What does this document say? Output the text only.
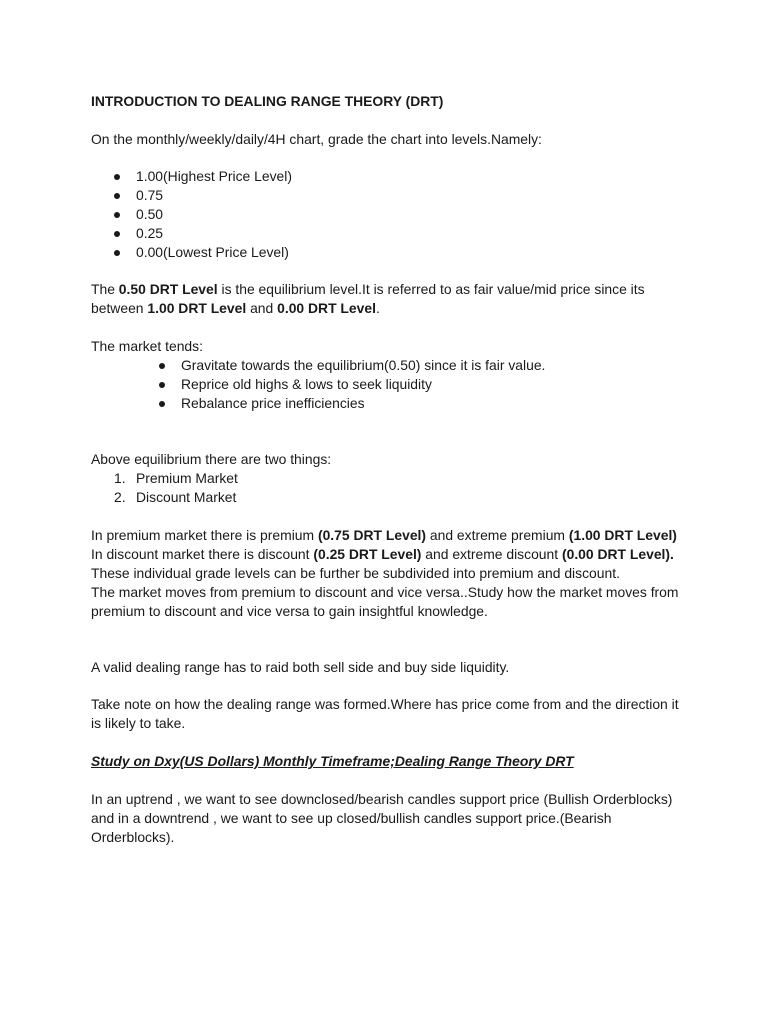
INTRODUCTION TO DEALING RANGE THEORY (DRT)
On the monthly/weekly/daily/4H chart, grade the chart into levels.Namely:
1.00(Highest Price Level)
0.75
0.50
0.25
0.00(Lowest Price Level)
The 0.50 DRT Level is the equilibrium level.It is referred to as fair value/mid price since its
between 1.00 DRT Level and 0.00 DRT Level.
The market tends:
Gravitate towards the equilibrium(0.50) since it is fair value.
Reprice old highs & lows to seek liquidity
Rebalance price inefficiencies
Above equilibrium there are two things:
1. Premium Market
2. Discount Market
In premium market there is premium (0.75 DRT Level) and extreme premium (1.00 DRT Level)
In discount market there is discount (0.25 DRT Level) and extreme discount (0.00 DRT Level).
These individual grade levels can be further be subdivided into premium and discount.
The market moves from premium to discount and vice versa..Study how the market moves from
premium to discount and vice versa to gain insightful knowledge.
A valid dealing range has to raid both sell side and buy side liquidity.
Take note on how the dealing range was formed.Where has price come from and the direction it
is likely to take.
Study on Dxy(US Dollars) Monthly Timeframe;Dealing Range Theory DRT
In an uptrend , we want to see downclosed/bearish candles support price (Bullish Orderblocks)
and in a downtrend , we want to see up closed/bullish candles support price.(Bearish
Orderblocks).
